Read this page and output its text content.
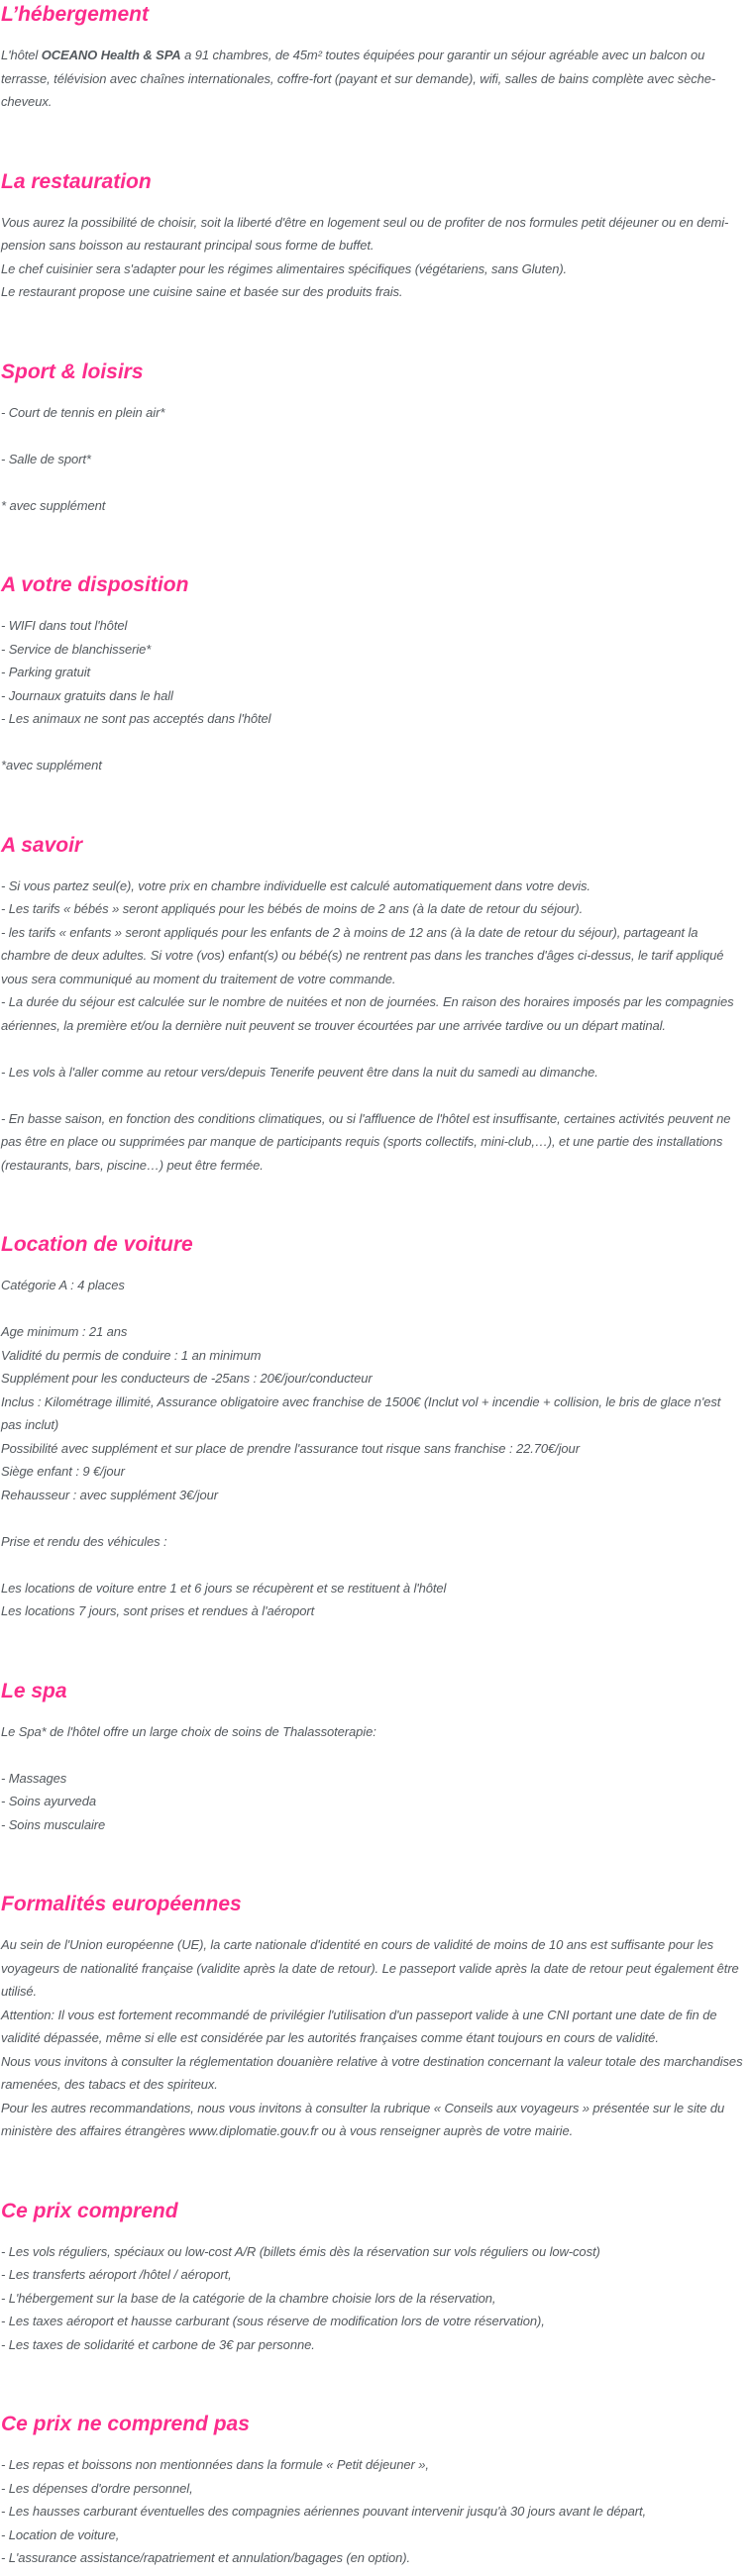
L’hébergement

L'hôtel OCEANO Health & SPA a 91 chambres, de 45m² toutes équipées pour garantir un séjour agréable avec un balcon ou terrasse, télévision avec chaînes internationales, coffre-fort (payant et sur demande), wifi, salles de bains complète avec sèche-cheveux.

La restauration

Vous aurez la possibilité de choisir, soit la liberté d'être en logement seul ou de profiter de nos formules petit déjeuner ou en demi-pension sans boisson au restaurant principal sous forme de buffet.

Le chef cuisinier sera s'adapter pour les régimes alimentaires spécifiques (végétariens, sans Gluten).

Le restaurant propose une cuisine saine et basée sur des produits frais.

Sport & loisirs

- Court de tennis en plein air*

- Salle de sport*

* avec supplément

A votre disposition

- WIFI dans tout l'hôtel

- Service de blanchisserie*

- Parking gratuit

- Journaux gratuits dans le hall

- Les animaux ne sont pas acceptés dans l'hôtel

*avec supplément

A savoir

- Si vous partez seul(e), votre prix en chambre individuelle est calculé automatiquement dans votre devis.

- Les tarifs « bébés » seront appliqués pour les bébés de moins de 2 ans (à la date de retour du séjour).

- les tarifs « enfants » seront appliqués pour les enfants de 2 à moins de 12 ans (à la date de retour du séjour), partageant la chambre de deux adultes. Si votre (vos) enfant(s) ou bébé(s) ne rentrent pas dans les tranches d'âges ci-dessus, le tarif appliqué vous sera communiqué au moment du traitement de votre commande.

- La durée du séjour est calculée sur le nombre de nuitées et non de journées. En raison des horaires imposés par les compagnies aériennes, la première et/ou la dernière nuit peuvent se trouver écourtées par une arrivée tardive ou un départ matinal.

- Les vols à l'aller comme au retour vers/depuis Tenerife peuvent être dans la nuit du samedi au dimanche.

- En basse saison, en fonction des conditions climatiques, ou si l'affluence de l'hôtel est insuffisante, certaines activités peuvent ne pas être en place ou supprimées par manque de participants requis (sports collectifs, mini-club,…), et une partie des installations (restaurants, bars, piscine…) peut être fermée.

Location de voiture

Catégorie A : 4 places

Age minimum : 21 ans

Validité du permis de conduire : 1 an minimum

Supplément pour les conducteurs de -25ans : 20€/jour/conducteur

Inclus : Kilométrage illimité, Assurance obligatoire avec franchise de 1500€ (Inclut vol + incendie + collision, le bris de glace n'est pas inclut)

Possibilité avec supplément et sur place de prendre l'assurance tout risque sans franchise : 22.70€/jour

Siège enfant : 9 €/jour

Rehausseur : avec supplément 3€/jour

Prise et rendu des véhicules :

Les locations de voiture entre 1 et 6 jours se récupèrent et se restituent à l'hôtel

Les locations 7 jours, sont prises et rendues à l'aéroport

Le spa

Le Spa* de l'hôtel offre un large choix de soins de Thalassoterapie:

- Massages

- Soins ayurveda

- Soins musculaire

Formalités européennes

Au sein de l'Union européenne (UE), la carte nationale d'identité en cours de validité de moins de 10 ans est suffisante pour les voyageurs de nationalité française (validite après la date de retour). Le passeport valide après la date de retour peut également être utilisé.

Attention: Il vous est fortement recommandé de privilégier l'utilisation d'un passeport valide à une CNI portant une date de fin de validité dépassée, même si elle est considérée par les autorités françaises comme étant toujours en cours de validité.

Nous vous invitons à consulter la réglementation douanière relative à votre destination concernant la valeur totale des marchandises ramenées, des tabacs et des spiriteux.

Pour les autres recommandations, nous vous invitons à consulter la rubrique « Conseils aux voyageurs » présentée sur le site du ministère des affaires étrangères www.diplomatie.gouv.fr ou à vous renseigner auprès de votre mairie.

Ce prix comprend

- Les vols réguliers, spéciaux ou low-cost A/R (billets émis dès la réservation sur vols réguliers ou low-cost)

- Les transferts aéroport /hôtel / aéroport,

- L'hébergement sur la base de la catégorie de la chambre choisie lors de la réservation,

- Les taxes aéroport et hausse carburant (sous réserve de modification lors de votre réservation),

- Les taxes de solidarité et carbone de 3€ par personne.

Ce prix ne comprend pas

- Les repas et boissons non mentionnées dans la formule « Petit déjeuner »,

- Les dépenses d'ordre personnel,

- Les hausses carburant éventuelles des compagnies aériennes pouvant intervenir jusqu'à 30 jours avant le départ,

- Location de voiture,

- L'assurance assistance/rapatriement et annulation/bagages (en option).
